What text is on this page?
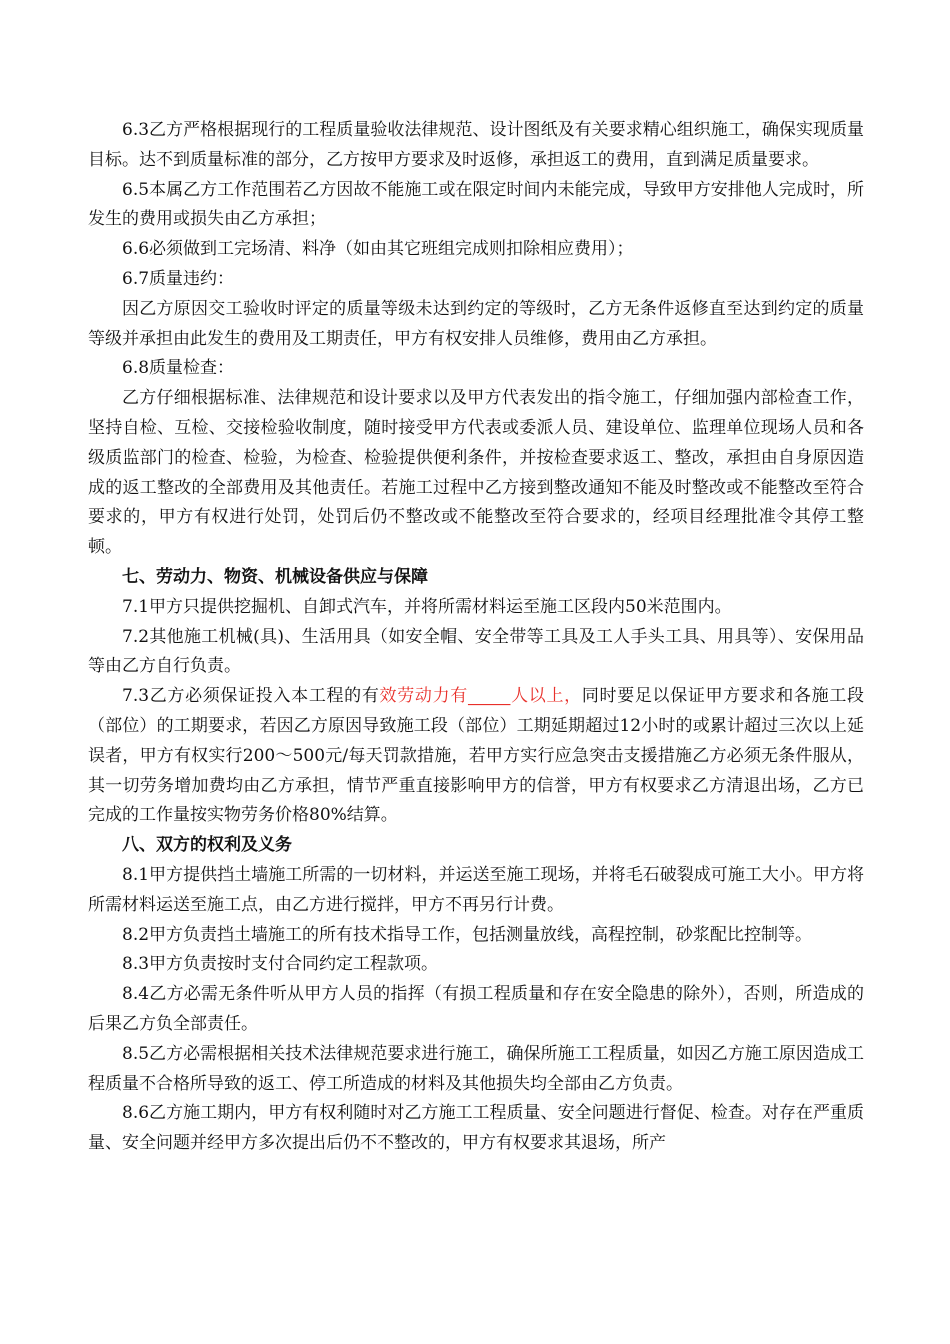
6.3乙方严格根据现行的工程质量验收法律规范、设计图纸及有关要求精心组织施工，确保实现质量目标。达不到质量标准的部分，乙方按甲方要求及时返修，承担返工的费用，直到满足质量要求。

6.5本属乙方工作范围若乙方因故不能施工或在限定时间内未能完成，导致甲方安排他人完成时，所发生的费用或损失由乙方承担；

6.6必须做到工完场清、料净（如由其它班组完成则扣除相应费用）；

6.7质量违约：

因乙方原因交工验收时评定的质量等级未达到约定的等级时，乙方无条件返修直至达到约定的质量等级并承担由此发生的费用及工期责任，甲方有权安排人员维修，费用由乙方承担。

6.8质量检查：

乙方仔细根据标准、法律规范和设计要求以及甲方代表发出的指令施工，仔细加强内部检查工作，坚持自检、互检、交接检验收制度，随时接受甲方代表或委派人员、建设单位、监理单位现场人员和各级质监部门的检查、检验，为检查、检验提供便利条件，并按检查要求返工、整改，承担由自身原因造成的返工整改的全部费用及其他责任。若施工过程中乙方接到整改通知不能及时整改或不能整改至符合要求的，甲方有权进行处罚，处罚后仍不整改或不能整改至符合要求的，经项目经理批准令其停工整顿。

七、劳动力、物资、机械设备供应与保障

7.1甲方只提供挖掘机、自卸式汽车，并将所需材料运至施工区段内50米范围内。

7.2其他施工机械(具)、生活用具（如安全帽、安全带等工具及工人手头工具、用具等）、安保用品等由乙方自行负责。

7.3乙方必须保证投入本工程的有效劳动力有_____人以上，同时要足以保证甲方要求和各施工段（部位）的工期要求，若因乙方原因导致施工段（部位）工期延期超过12小时的或累计超过三次以上延误者，甲方有权实行200～500元/每天罚款措施，若甲方实行应急突击支援措施乙方必须无条件服从，其一切劳务增加费均由乙方承担，情节严重直接影响甲方的信誉，甲方有权要求乙方清退出场，乙方已完成的工作量按实物劳务价格80%结算。

八、双方的权利及义务

8.1甲方提供挡土墙施工所需的一切材料，并运送至施工现场，并将毛石破裂成可施工大小。甲方将所需材料运送至施工点，由乙方进行搅拌，甲方不再另行计费。

8.2甲方负责挡土墙施工的所有技术指导工作，包括测量放线，高程控制，砂浆配比控制等。

8.3甲方负责按时支付合同约定工程款项。

8.4乙方必需无条件听从甲方人员的指挥（有损工程质量和存在安全隐患的除外），否则，所造成的后果乙方负全部责任。

8.5乙方必需根据相关技术法律规范要求进行施工，确保所施工工程质量，如因乙方施工原因造成工程质量不合格所导致的返工、停工所造成的材料及其他损失均全部由乙方负责。

8.6乙方施工期内，甲方有权利随时对乙方施工工程质量、安全问题进行督促、检查。对存在严重质量、安全问题并经甲方多次提出后仍不不整改的，甲方有权要求其退场，所产
